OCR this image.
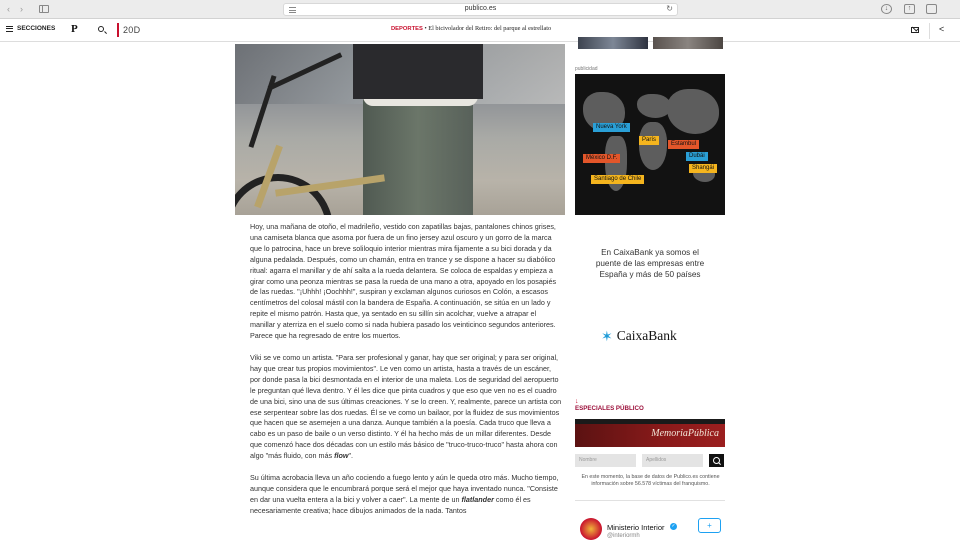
‹ ›	publico.es	↻	↓	↑
SECCIONES P	20D	DEPORTES • El bicivolador del Retiro: del parque al estrellato	<

Hoy, una mañana de otoño, el madrileño, vestido con zapatillas bajas, pantalones chinos grises, una camiseta blanca que asoma por fuera de un fino jersey azul oscuro y un gorro de la marca que lo patrocina, hace un breve soliloquio interior mientras mira fijamente a su bici dorada y da alguna pedalada. Después, como un chamán, entra en trance y se dispone a hacer su diabólico ritual: agarra el manillar y de ahí salta a la rueda delantera. Se coloca de espaldas y empieza a girar como una peonza mientras se pasa la rueda de una mano a otra, apoyado en los posapiés de las ruedas. "¡Uhhh! ¡Oochhh!", suspiran y exclaman algunos curiosos en Colón, a escasos centímetros del colosal mástil con la bandera de España. A continuación, se sitúa en un lado y repite el mismo patrón. Hasta que, ya sentado en su sillín sin acolchar, vuelve a atrapar el manillar y aterriza en el suelo como si nada hubiera pasado los veinticinco segundos anteriores. Parece que ha regresado de entre los muertos.

Viki se ve como un artista. "Para ser profesional y ganar, hay que ser original; y para ser original, hay que crear tus propios movimientos". Le ven como un artista, hasta a través de un escáner, por donde pasa la bici desmontada en el interior de una maleta. Los de seguridad del aeropuerto le preguntan qué lleva dentro. Y él les dice que pinta cuadros y que eso que ven no es el cuadro de una bici, sino una de sus últimas creaciones. Y se lo creen. Y, realmente, parece un artista con ese serpentear sobre las dos ruedas. Él se ve como un bailaor, por la fluidez de sus movimientos que hacen que se asemejen a una danza. Aunque también a la poesía. Cada truco que lleva a cabo es un paso de baile o un verso distinto. Y él ha hecho más de un millar diferentes. Desde que comenzó hace dos décadas con un estilo más básico de "truco-truco-truco" hasta ahora con algo "más fluido, con más flow".

Su última acrobacia lleva un año cociendo a fuego lento y aún le queda otro más. Mucho tiempo, aunque considera que le encumbrará porque será el mejor que haya inventado nunca. "Consiste en dar una vuelta entera a la bici y volver a caer". La mente de un flatlander como él es necesariamente creativa; hace dibujos animados de la nada. Tantos

publicidad
Nueva York
París
Estambul
México D.F.	Dubái
Shangái
Santiago de Chile
En CaixaBank ya somos el puente de las empresas entre España y más de 50 países
✶ CaixaBank
↓
ESPECIALES PÚBLICO
MemoriaPública
Nombre	Apellidos
En este momento, la base de datos de Publico.es contiene información sobre 56.578 víctimas del franquismo.
Ministerio Interior ✓
@interiormh
+
